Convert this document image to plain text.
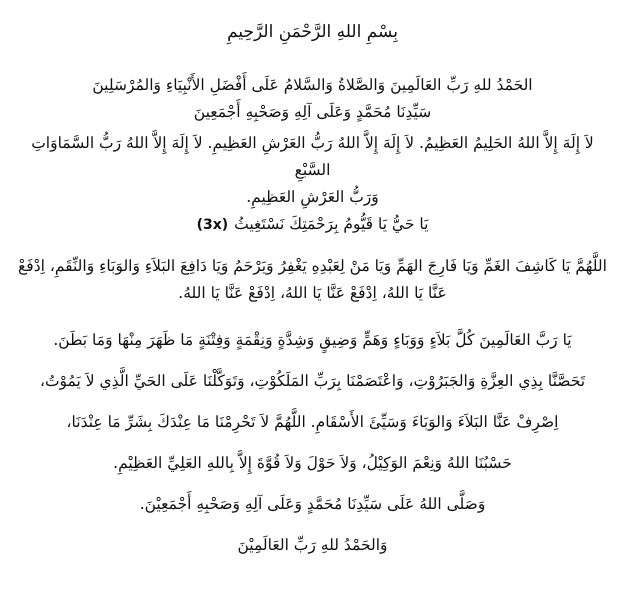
بِسْمِ اللهِ الرَّحْمَنِ الرَّحِيمِ

الحَمْدُ للهِ رَبِّ العَالَمِينَ وَالصَّلاةُ وَالسَّلامُ عَلَى أَفْضَلِ الأَنْبِيَاءِ وَالمُرْسَلِينَ

سَيِّدِنَا مُحَمَّدٍ وَعَلَى آلِهِ وَصَحْبِهِ أَجْمَعِينَ

لاَ إِلَهَ إِلاَّ اللهُ الحَلِيمُ العَظِيمُ. لاَ إِلَهَ إِلاَّ اللهُ رَبُّ العَرْشِ العَظِيمِ. لاَ إِلَهَ إِلاَّ اللهُ رَبُّ السَّمَاوَاتِ السَّبْعِ

وَرَبُّ العَرْشِ العَظِيمِ.

يَا حَيُّ يَا قَيُّومُ بِرَحْمَتِكَ نَسْتَغِيثُ(3x)

اللَّهُمَّ يَا كَاشِفَ الغَمِّ وَيَا فَارِجَ الهَمِّ وَيَا مَنْ لِعَبْدِهِ يَغْفِرُ وَيَرْحَمُ وَيَا دَافِعَ البَلاَءِ وَالوَبَاءِ وَالنِّقَمِ، اِدْفَعْ

عَنَّا يَا اللهُ، اِدْفَعْ عَنَّا يَا اللهُ، اِدْفَعْ عَنَّا يَا اللهُ.

يَا رَبَّ العَالَمِينَ كُلَّ بَلاَءٍ وَوَبَاءٍ وَهَمٍّ وَضِيقٍ وَشِدَّةٍ وَنِقْمَةٍ وَفِتْنَةٍ مَا ظَهَرَ مِنْهَا وَمَا بَطَنَ.

تَحَصَّنَّا بِذِي العِزَّةِ وَالجَبَرُوْتِ، وَاعْتَصَمْنَا بِرَبِّ المَلَكُوْتِ، وَتَوَكَّلْنَا عَلَى الحَيِّ الَّذِي لاَ يَمُوْتُ،

اِصْرِفْ عَنَّا البَلاَءَ وَالوَبَاءَ وَسَيِّئَ الأَسْقَامِ. اللَّهُمَّ لاَ تَحْرِمْنَا مَا عِنْدَكَ بِشَرِّ مَا عِنْدَنَا،

حَسْبُنَا اللهُ وَنِعْمَ الوَكِيْلُ، وَلاَ حَوْلَ وَلاَ قُوَّةَ إِلاَّ بِاللهِ العَلِيِّ العَظِيْمِ.

وَصَلَّى اللهُ عَلَى سَيِّدِنَا مُحَمَّدٍ وَعَلَى آلِهِ وَصَحْبِهِ أَجْمَعِيْنَ.

وَالحَمْدُ للهِ رَبِّ العَالَمِيْنَ
